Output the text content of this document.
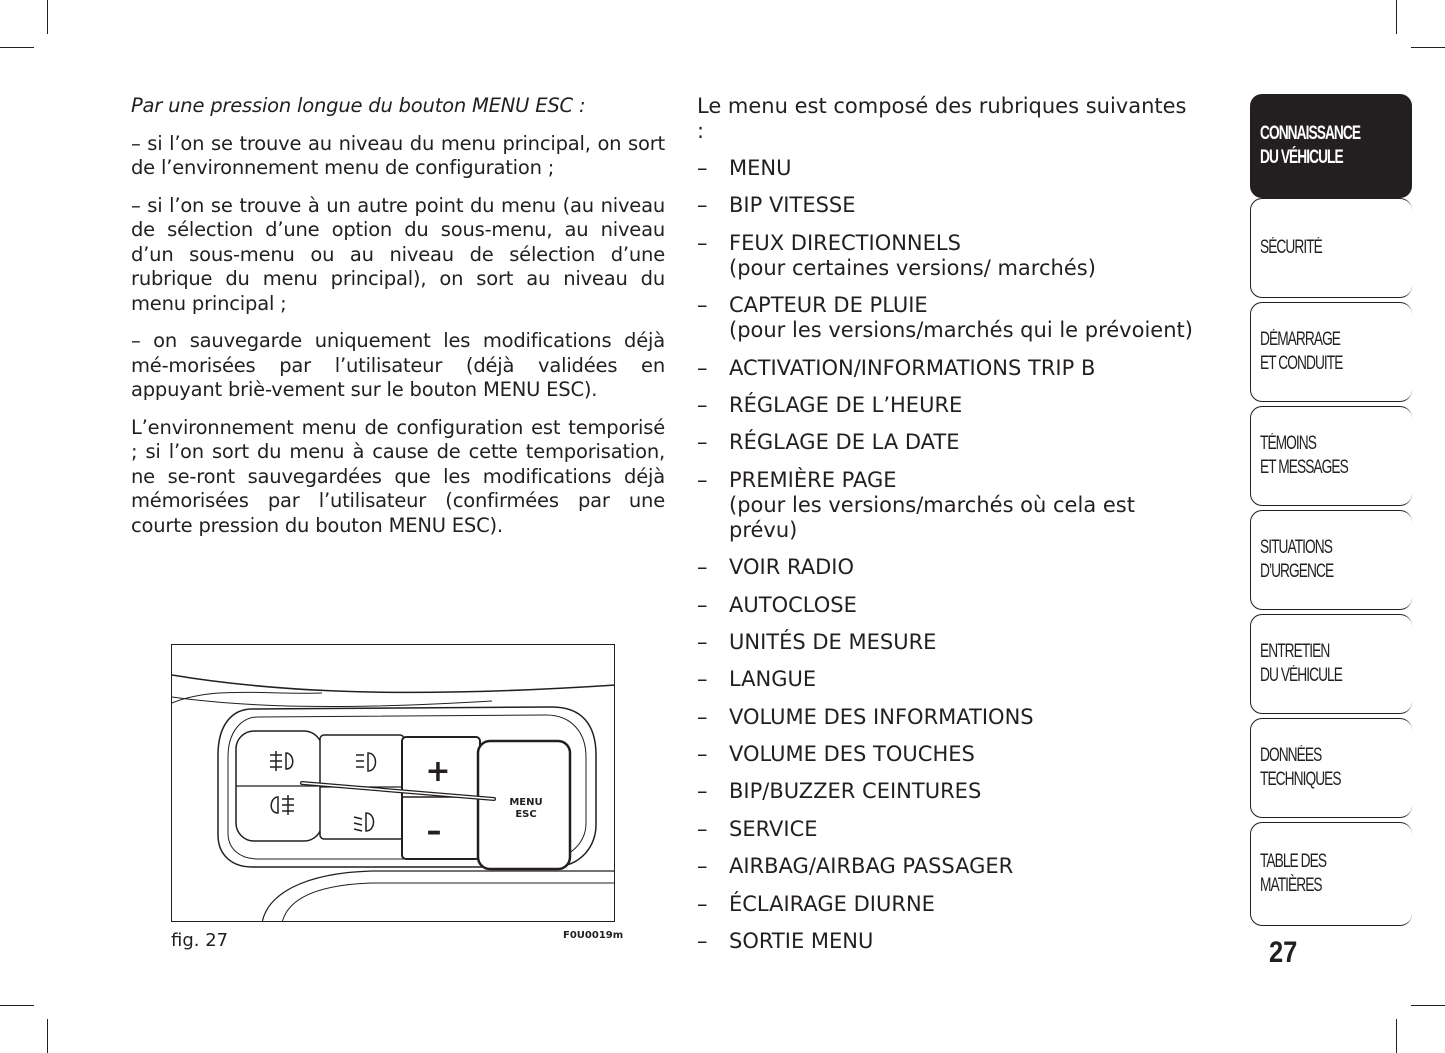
Par une pression longue du bouton MENU ESC :

– si l’on se trouve au niveau du menu principal, on sort de l’environnement menu de configuration ;

– si l’on se trouve à un autre point du menu (au niveau de sélection d’une option du sous-menu, au niveau d’un sous-menu ou au niveau de sélection d’une rubrique du menu principal), on sort au niveau du menu principal ;

– on sauvegarde uniquement les modifications déjà mé-morisées par l’utilisateur (déjà validées en appuyant briè-vement sur le bouton MENU ESC).

L’environnement menu de configuration est temporisé ; si l’on sort du menu à cause de cette temporisation, ne se-ront sauvegardées que les modifications déjà mémorisées par l’utilisateur (confirmées par une courte pression du bouton MENU ESC).

Le menu est composé des rubriques suivantes :

–	MENU
–	BIP VITESSE
–	FEUX DIRECTIONNELS
(pour certaines versions/ marchés)
–	CAPTEUR DE PLUIE
(pour les versions/marchés qui le prévoient)
–	ACTIVATION/INFORMATIONS TRIP B
–	RÉGLAGE DE L’HEURE
–	RÉGLAGE DE LA DATE
–	PREMIÈRE PAGE
(pour les versions/marchés où cela est prévu)
–	VOIR RADIO
–	AUTOCLOSE
–	UNITÉS DE MESURE
–	LANGUE
–	VOLUME DES INFORMATIONS
–	VOLUME DES TOUCHES
–	BIP/BUZZER CEINTURES
–	SERVICE
–	AIRBAG/AIRBAG PASSAGER
–	ÉCLAIRAGE DIURNE
–	SORTIE MENU
+
–
MENU
ESC
fig. 27	F0U0019m
CONNAISSANCE
DU VÉHICULE
SÉCURITÉ
DÉMARRAGE
ET CONDUITE
TÉMOINS
ET MESSAGES
SITUATIONS
D’URGENCE
ENTRETIEN
DU VÉHICULE
DONNÉES
TECHNIQUES
TABLE DES MATIÈRES
27
